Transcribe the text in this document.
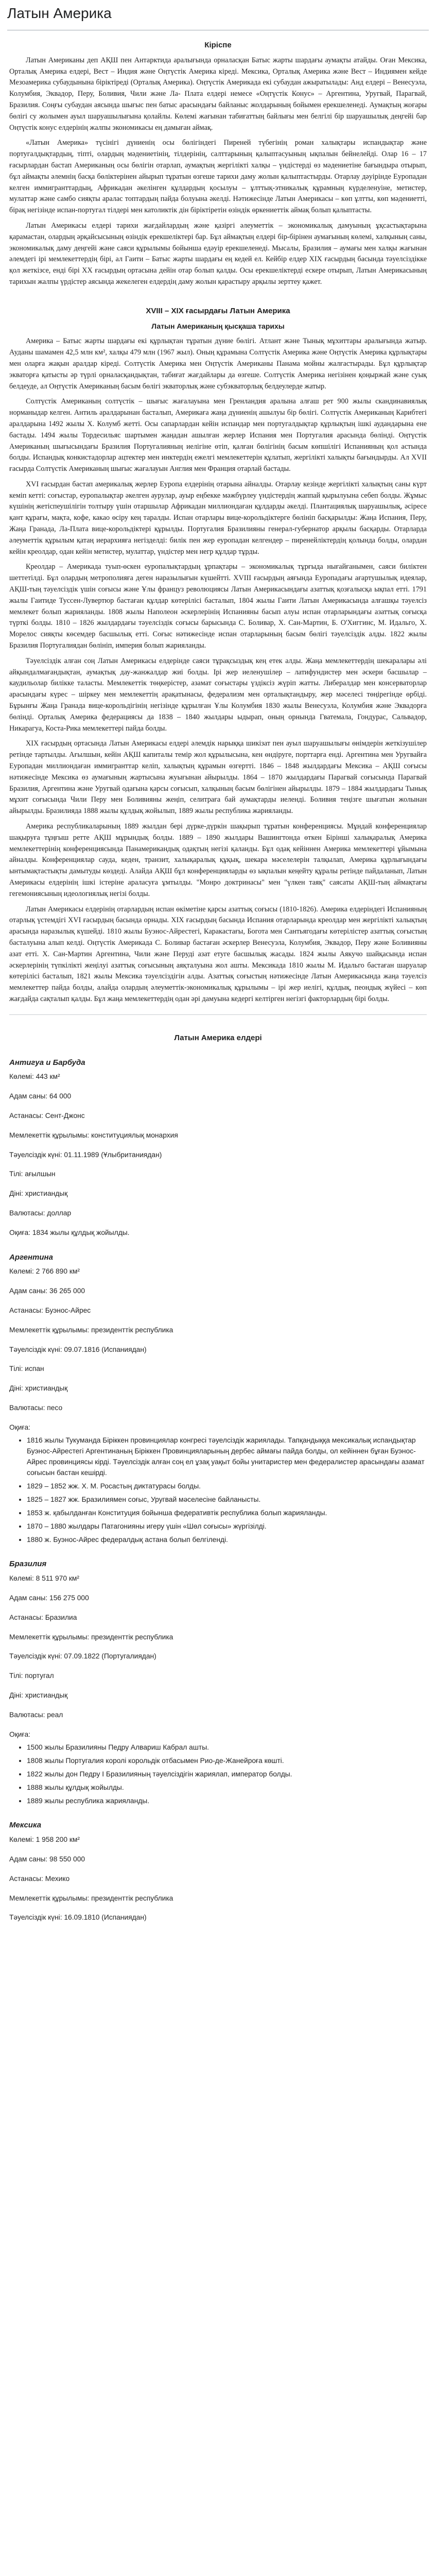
Латын Америка
Кіріспе

Латын Американы деп АҚШ пен Антарктида аралығында орналасқан Батыс жарты шардағы аумақты атайды. Оған Мексика, Орталық Америка елдері, Вест – Индия және Оңтүстік Америка кіреді. Мексика, Орталық Америка және Вест – Индиямен кейде Мезоамерика субаудынына біріктіреді (Орталық Америка). Оңтүстік Америкада екі субаудан ажыратылады: Анд елдері – Венесуэла, Колумбия, Эквадор, Перу, Боливия, Чили және Ла- Плата елдері немесе «Оңтүстік Конус» – Аргентина, Уругвай, Парагвай, Бразилия. Соңғы субаудан аясында шығыс пен батыс арасындағы байланыс жолдарының бойымен ерекшеленеді. Аумақтың жоғары бөлігі су жолымен ауыл шаруашылығына қолайлы. Көлемі жағынан табиғаттың байлығы мен белгілі бір шаруашылық деңгейі бар Оңтүстік конус елдерінің жалпы экономикасы ең дамыған аймақ.

«Латын Америка» түсінігі дүниенің осы бөлігіндегі Пиреней түбегінің роман халықтары испандықтар және португалдықтардың, тіпті, олардың мәдениетінің, тілдерінің, салттарының қалыптасуының ықпалын бейнелейді. Олар 16 – 17 ғасырлардан бастап Американың осы бөлігін отарлап, аумақтың жергілікті халқы – үндістерді өз мәдениетіне бағындыра отырып, бұл аймақты әлемнің басқа бөліктерінен айырып тұратын өзгеше тарихи даму жолын қалыптастырды. Отарлау дәуірінде Еуропадан келген иммигранттардың, Африкадан әкелінген құлдардың қосылуы – ұлттық-этникалық құрамның күрделенуіне, метистер, мулаттар және самбо сияқты аралас топтардың пайда болуына әкелді. Нәтижесінде Латын Америкасы – көп ұлтты, көп мәдениетті, бірақ негізінде испан-португал тілдері мен католиктік дін біріктіретін өзіндік өркениеттік аймақ болып қалыптасты.

Латын Америкасы елдері тарихи жағдайлардың және қазіргі әлеуметтік – экономикалық дамуының ұқсастықтарына қарамастан, олардың әрқайсысының өзіндік ерекшеліктері бар. Бұл аймақтың елдері бір-бірінен аумағының көлемі, халқының саны, экономикалық даму деңгейі және саяси құрылымы бойынша едәуір ерекшеленеді. Мысалы, Бразилия – аумағы мен халқы жағынан әлемдегі ірі мемлекеттердің бірі, ал Гаити – Батыс жарты шардағы ең кедей ел. Кейбір елдер XIX ғасырдың басында тәуелсіздікке қол жеткізсе, енді бірі XX ғасырдың ортасына дейін отар болып қалды. Осы ерекшеліктерді ескере отырып, Латын Америкасының тарихын жалпы үрдістер аясында жекелеген елдердің даму жолын қарастыру арқылы зерттеу қажет.

XVIII – XIX ғасырдағы Латын Америка
Латын Американың қысқаша тарихы

Америка – Батыс жарты шардағы екі құрлықтан тұратын дүние бөлігі. Атлант және Тынық мұхиттары аралығында жатыр. Ауданы шамамен 42,5 млн км², халқы 479 млн (1967 жыл). Оның құрамына Солтүстік Америка және Оңтүстік Америка құрлықтары мен оларға жақын аралдар кіреді. Солтүстік Америка мен Оңтүстік Американы Панама мойны жалғастырады. Бұл құрлықтар экваторға қатысты әр түрлі орналасқандықтан, табиғат жағдайлары да өзгеше. Солтүстік Америка негізінен қоңыржай және суық белдеуде, ал Оңтүстік Американың басым бөлігі экваторлық және субэкваторлық белдеулерде жатыр.

Солтүстік Американың солтүстік – шығыс жағалауына мен Гренландия аралына алғаш рет 900 жылы скандинавиялық норманыдар келген. Антиль аралдарынан басталып, Америкаға жаңа дүниенің ашылуы бір бөлігі. Солтүстік Американың Карибтегі аралдарына 1492 жылы X. Колумб жетті. Осы сапарлардан кейін испандар мен португалдықтар құрлықтың ішкі аудандарына ене бастады. 1494 жылы Тордесильяс шартымен жаңадан ашылған жерлер Испания мен Португалия арасында бөлінді. Оңтүстік Американың шығысындағы Бразилия Португалияның иелігіне өтіп, қалған бөлігінің басым көпшілігі Испанияның қол астында болды. Испандық конкистадорлар ацтектер мен инктердің ежелгі мемлекеттерін құлатып, жергілікті халықты бағындырды. Ал XVII ғасырда Солтүстік Американың шығыс жағалауын Англия мен Франция отарлай бастады.

XVI ғасырдан бастап америкалық жерлер Еуропа елдерінің отарына айналды. Отарлау кезінде жергілікті халықтың саны күрт кеміп кетті: соғыстар, еуропалықтар әкелген аурулар, ауыр еңбекке мәжбүрлеу үндістердің жаппай қырылуына себеп болды. Жұмыс күшінің жетіспеушілігін толтыру үшін отаршылар Африкадан миллиондаған құлдарды әкелді. Плантациялық шаруашылық, әсіресе қант құрағы, мақта, кофе, какао өсіру кең таралды. Испан отарлары вице-корольдіктерге бөлініп басқарылды: Жаңа Испания, Перу, Жаңа Гранада, Ла-Плата вице-корольдіктері құрылды. Португалия Бразилияны генерал-губернатор арқылы басқарды. Отарларда әлеуметтік құрылым қатаң иерархияға негізделді: билік пен жер еуропадан келгендер – пиренейліктердің қолында болды, олардан кейін креолдар, одан кейін метистер, мулаттар, үндістер мен негр құлдар тұрды.

Креолдар – Америкада туып-өскен еуропалықтардың ұрпақтары – экономикалық тұрғыда нығайғанымен, саяси биліктен шеттетілді. Бұл олардың метрополияға деген наразылығын күшейтті. XVIII ғасырдың аяғында Еуропадағы ағартушылық идеялар, АҚШ-тың тәуелсіздік үшін соғысы және Ұлы француз революциясы Латын Америкасындағы азаттық қозғалысқа ықпал етті. 1791 жылы Гаитиде Туссен-Лувертюр бастаған құлдар көтерілісі басталып, 1804 жылы Гаити Латын Америкасында алғашқы тәуелсіз мемлекет болып жарияланды. 1808 жылы Наполеон әскерлерінің Испанияны басып алуы испан отарларындағы азаттық соғысқа түрткі болды. 1810 – 1826 жылдардағы тәуелсіздік соғысы барысында С. Боливар, X. Сан-Мартин, Б. О'Хиггинс, М. Идальго, X. Морелос сияқты көсемдер басшылық етті. Соғыс нәтижесінде испан отарларының басым бөлігі тәуелсіздік алды. 1822 жылы Бразилия Португалиядан бөлініп, империя болып жарияланды.

Тәуелсіздік алған соң Латын Америкасы елдерінде саяси тұрақсыздық кең етек алды. Жаңа мемлекеттердің шекаралары әлі айқындалмағандықтан, аумақтық дау-жанжалдар жиі болды. Ірі жер иеленушілер – латифундистер мен әскери басшылар – каудильолар билікке таласты. Мемлекеттік төңкерістер, азамат соғыстары үздіксіз жүріп жатты. Либералдар мен консерваторлар арасындағы күрес – шіркеу мен мемлекеттің арақатынасы, федерализм мен орталықтандыру, жер мәселесі төңірегінде өрбіді. Бұрынғы Жаңа Гранада вице-корольдігінің негізінде құрылған Ұлы Колумбия 1830 жылы Венесуэла, Колумбия және Эквадорға бөлінді. Орталық Америка федерациясы да 1838 – 1840 жылдары ыдырап, оның орнында Гватемала, Гондурас, Сальвадор, Никарагуа, Коста-Рика мемлекеттері пайда болды.

XIX ғасырдың ортасында Латын Америкасы елдері әлемдік нарыққа шикізат пен ауыл шаруашылығы өнімдерін жеткізушілер ретінде тартылды. Ағылшын, кейін АҚШ капиталы темір жол құрылысына, кен өндіруге, порттарға енді. Аргентина мен Уругвайға Еуропадан миллиондаған иммигранттар келіп, халықтың құрамын өзгертті. 1846 – 1848 жылдардағы Мексика – АҚШ соғысы нәтижесінде Мексика өз аумағының жартысына жуығынан айырылды. 1864 – 1870 жылдардағы Парагвай соғысында Парагвай Бразилия, Аргентина және Уругвай одағына қарсы соғысып, халқының басым бөлігінен айырылды. 1879 – 1884 жылдардағы Тынық мұхит соғысында Чили Перу мен Боливияны жеңіп, селитраға бай аумақтарды иеленді. Боливия теңізге шығатын жолынан айырылды. Бразилияда 1888 жылы құлдық жойылып, 1889 жылы республика жарияланды.

Америка республикаларының 1889 жылдан бері дүрке-дүркін шақырып тұратын конференциясы. Мұндай конференциялар шақыруға тұңғыш ретте АҚШ мұрындық болды. 1889 – 1890 жылдары Вашингтонда өткен Бірінші халықаралық Америка мемлекеттерінің конференциясында Панамерикандық одақтың негізі қаланды. Бұл одақ кейіннен Америка мемлекеттері ұйымына айналды. Конференциялар сауда, кеден, транзит, халықаралық құқық, шекара мәселелерін талқылап, Америка құрлығындағы ынтымақтастықты дамытуды көздеді. Алайда АҚШ бұл конференцияларды өз ықпалын кеңейту құралы ретінде пайдаланып, Латын Америкасы елдерінің ішкі істеріне араласуға ұмтылды. "Монро доктринасы" мен "үлкен таяқ" саясаты АҚШ-тың аймақтағы гегемониясының идеологиялық негізі болды.

Латын Америкасы елдерінің отарлардың испан өкіметіне қарсы азаттық соғысы (1810-1826). Америка елдеріндегі Испанияның отарлық үстемдігі XVI ғасырдың басында орнады. XIX ғасырдың басында Испания отарларында креолдар мен жергілікті халықтың арасында наразылық күшейді. 1810 жылы Буэнос-Айрестегі, Каракастағы, Богота мен Сантьягодағы көтерілістер азаттық соғыстың басталуына алып келді. Оңтүстік Америкада С. Боливар бастаған әскерлер Венесуэла, Колумбия, Эквадор, Перу және Боливияны азат етті. X. Сан-Мартин Аргентина, Чили және Перуді азат етуге басшылық жасады. 1824 жылы Аякучо шайқасында испан әскерлерінің түпкілікті жеңілуі азаттық соғысының аяқталуына жол ашты. Мексикада 1810 жылы М. Идальго бастаған шаруалар көтерілісі басталып, 1821 жылы Мексика тәуелсіздігін алды. Азаттық соғыстың нәтижесінде Латын Америкасында жаңа тәуелсіз мемлекеттер пайда болды, алайда олардың әлеуметтік-экономикалық құрылымы – ірі жер иелігі, құлдық, пеондық жүйесі – көп жағдайда сақталып қалды. Бұл жаңа мемлекеттердің одан әрі дамуына кедергі келтірген негізгі факторлардың бірі болды.

Латын Америка елдері
Антигуа и Барбуда
Көлемі: 443 км²
Адам саны: 64 000
Астанасы: Сент-Джонс
Мемлекеттік құрылымы: конституциялық монархия
Тәуелсіздік күні: 01.11.1989 (Ұлыбританиядан)
Тілі: ағылшын
Діні: христиандық
Валютасы: доллар
Оқиға: 1834 жылы құлдық жойылды.
Аргентина
Көлемі: 2 766 890 км²
Адам саны: 36 265 000
Астанасы: Буэнос-Айрес
Мемлекеттік құрылымы: президенттік республика
Тәуелсіздік күні: 09.07.1816 (Испаниядан)
Тілі: испан
Діні: христиандық
Валютасы: песо
Оқиға:
• 1816 жылы Тукуманда Біріккен провинциялар конгресі тәуелсіздік жариялады. Тапқандыққа мексикалық испандықтар Буэнос-Айрестегі Аргентинаның Біріккен Провинцияларының дербес аймағы пайда болды, ол кейіннен бұған Буэнос-Айрес провинциясы кірді. Тәуелсіздік алған соң ел ұзақ уақыт бойы унитаристер мен федералистер арасындағы азамат соғысын бастан кешірді.
• 1829 – 1852 жж. Х. М. Росастың диктатурасы болды.
• 1825 – 1827 жж. Бразилиямен соғыс, Уругвай мәселесіне байланысты.
• 1853 ж. қабылданған Конституция бойынша федеративтік республика болып жарияланды.
• 1870 – 1880 жылдары Патагонияны игеру үшін «Шөл соғысы» жүргізілді.
• 1880 ж. Буэнос-Айрес федералдық астана болып белгіленді.
Бразилия
Көлемі: 8 511 970 км²
Адам саны: 156 275 000
Астанасы: Бразилиа
Мемлекеттік құрылымы: президенттік республика
Тәуелсіздік күні: 07.09.1822 (Португалиядан)
Тілі: португал
Діні: христиандық
Валютасы: реал
Оқиға:
• 1500 жылы Бразилияны Педру Алвариш Кабрал ашты.
• 1808 жылы Португалия королі корольдік отбасымен Рио-де-Жанейроға көшті.
• 1822 жылы дон Педру I Бразилияның тәуелсіздігін жариялап, император болды.
• 1888 жылы құлдық жойылды.
• 1889 жылы республика жарияланды.
Мексика
Көлемі: 1 958 200 км²
Адам саны: 98 550 000
Астанасы: Мехико
Мемлекеттік құрылымы: президенттік республика
Тәуелсіздік күні: 16.09.1810 (Испаниядан)
